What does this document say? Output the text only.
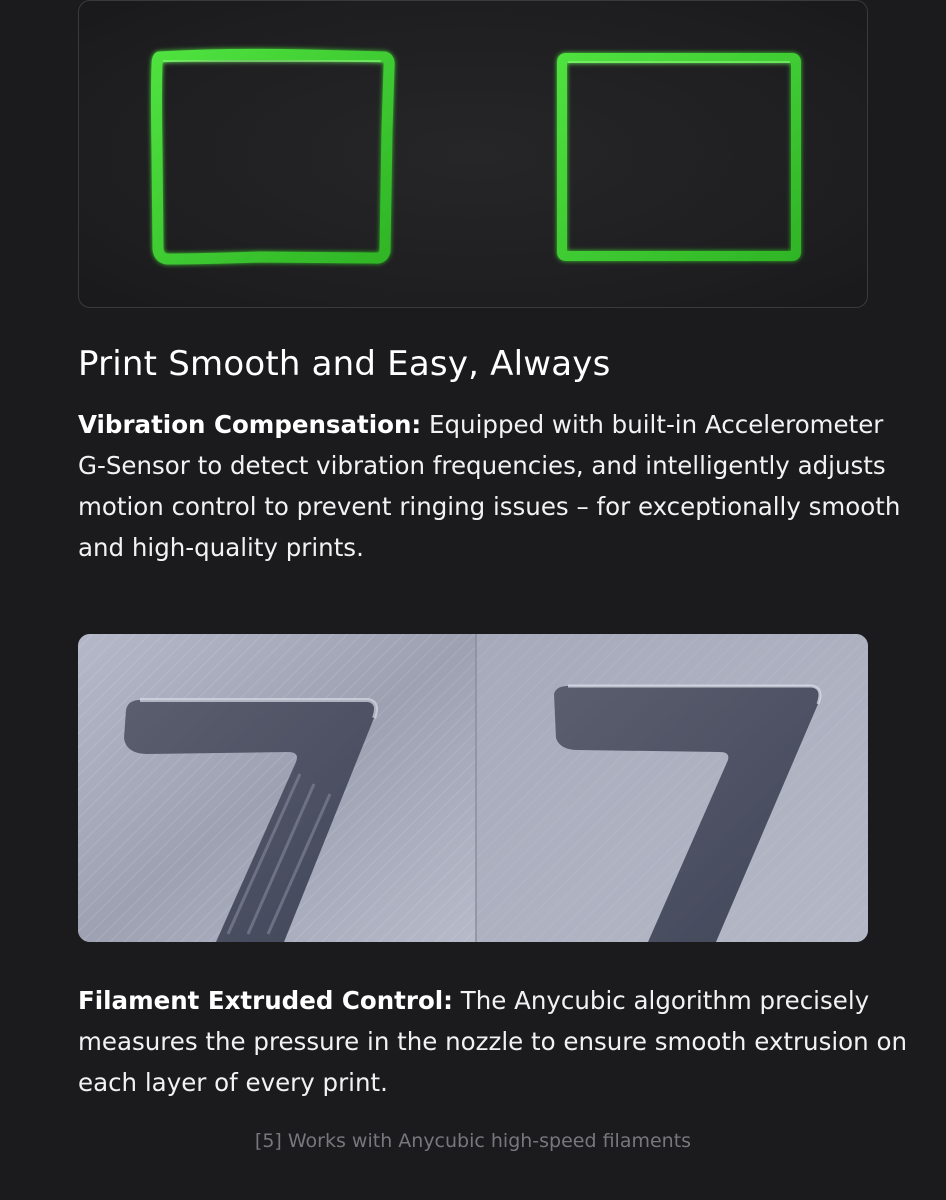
Print Smooth and Easy, Always

Vibration Compensation: Equipped with built-in Accelerometer G-Sensor to detect vibration frequencies, and intelligently adjusts motion control to prevent ringing issues – for exceptionally smooth and high-quality prints.

Filament Extruded Control: The Anycubic algorithm precisely measures the pressure in the nozzle to ensure smooth extrusion on each layer of every print.

[5] Works with Anycubic high-speed filaments
